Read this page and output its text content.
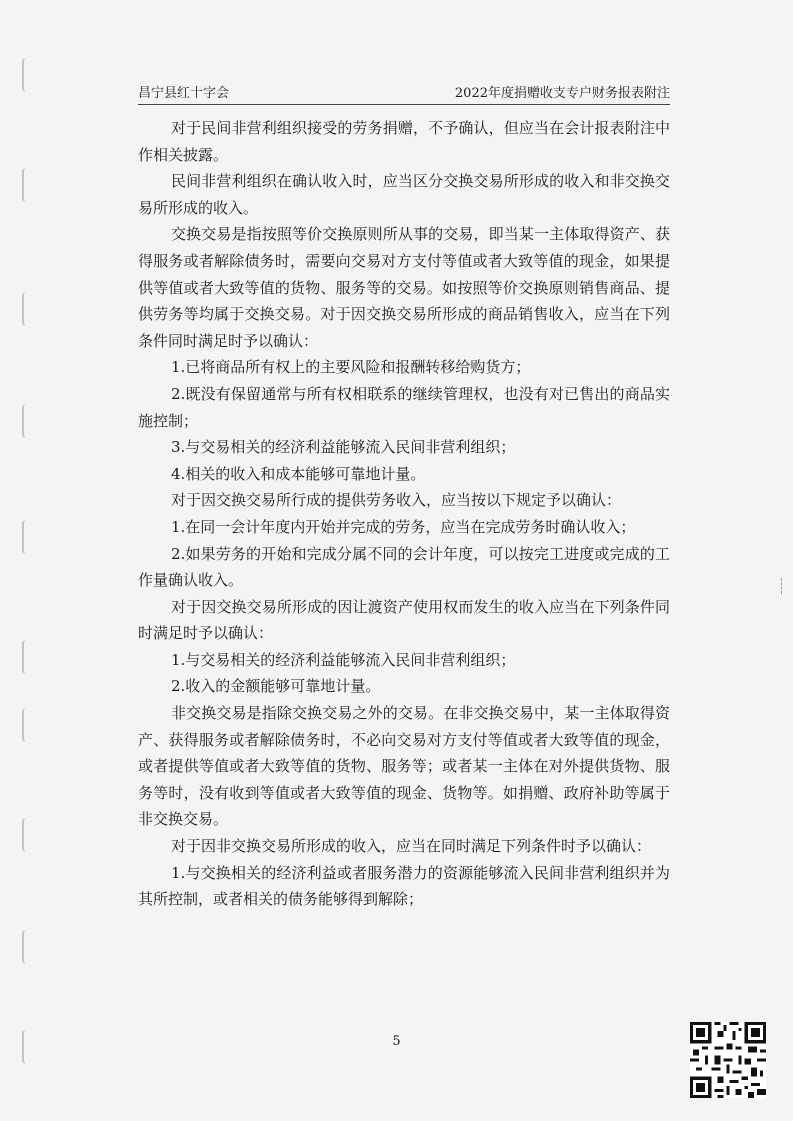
昌宁县红十字会	2022年度捐赠收支专户财务报表附注

对于民间非营利组织接受的劳务捐赠，不予确认，但应当在会计报表附注中作相关披露。

民间非营利组织在确认收入时，应当区分交换交易所形成的收入和非交换交易所形成的收入。

交换交易是指按照等价交换原则所从事的交易，即当某一主体取得资产、获得服务或者解除债务时，需要向交易对方支付等值或者大致等值的现金，如果提供等值或者大致等值的货物、服务等的交易。如按照等价交换原则销售商品、提供劳务等均属于交换交易。对于因交换交易所形成的商品销售收入，应当在下列条件同时满足时予以确认：

1.已将商品所有权上的主要风险和报酬转移给购货方；

2.既没有保留通常与所有权相联系的继续管理权，也没有对已售出的商品实施控制；

3.与交易相关的经济利益能够流入民间非营利组织；

4.相关的收入和成本能够可靠地计量。

对于因交换交易所行成的提供劳务收入，应当按以下规定予以确认：

1.在同一会计年度内开始并完成的劳务，应当在完成劳务时确认收入；

2.如果劳务的开始和完成分属不同的会计年度，可以按完工进度或完成的工作量确认收入。

对于因交换交易所形成的因让渡资产使用权而发生的收入应当在下列条件同时满足时予以确认：

1.与交易相关的经济利益能够流入民间非营利组织；

2.收入的金额能够可靠地计量。

非交换交易是指除交换交易之外的交易。在非交换交易中，某一主体取得资产、获得服务或者解除债务时，不必向交易对方支付等值或者大致等值的现金，或者提供等值或者大致等值的货物、服务等；或者某一主体在对外提供货物、服务等时，没有收到等值或者大致等值的现金、货物等。如捐赠、政府补助等属于非交换交易。

对于因非交换交易所形成的收入，应当在同时满足下列条件时予以确认：

1.与交换相关的经济利益或者服务潜力的资源能够流入民间非营利组织并为其所控制，或者相关的债务能够得到解除；

5
